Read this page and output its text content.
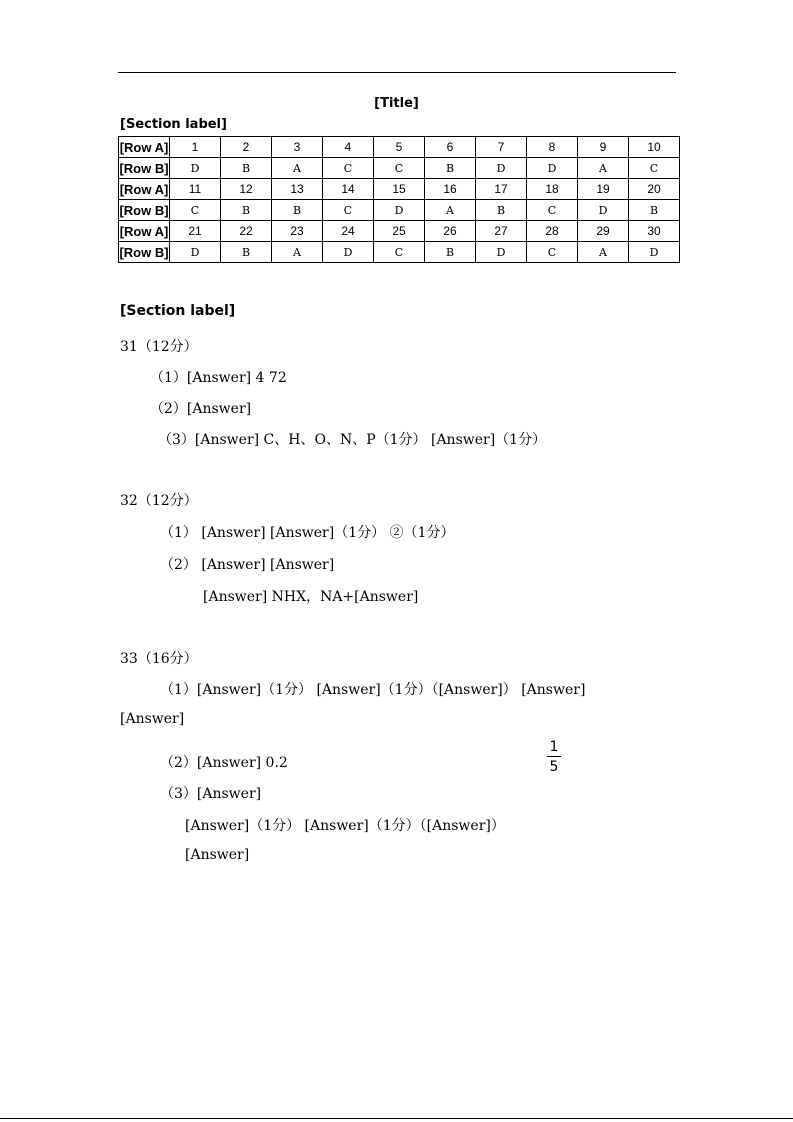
[Title]
[Section label]
[Row A]	1	2	3	4	5	6	7	8	9	10
[Row B]	D	B	A	C	C	B	D	D	A	C
[Row A]	11	12	13	14	15	16	17	18	19	20
[Row B]	C	B	B	C	D	A	B	C	D	B
[Row A]	21	22	23	24	25	26	27	28	29	30
[Row B]	D	B	A	D	C	B	D	C	A	D
[Section label]
31（12分）
（1）[Answer] 4 72
（2）[Answer]
（3）[Answer] C、H、O、N、P（1分） [Answer]（1分）
32（12分）
（1） [Answer] [Answer]（1分） ②（1分）
（2） [Answer] [Answer]
[Answer] NHX，NA+[Answer]
33（16分）
（1）[Answer]（1分） [Answer]（1分）（[Answer]） [Answer]
[Answer]
（2）[Answer] 0.2
1
5
（3）[Answer]
[Answer]（1分） [Answer]（1分）（[Answer]）
[Answer]
